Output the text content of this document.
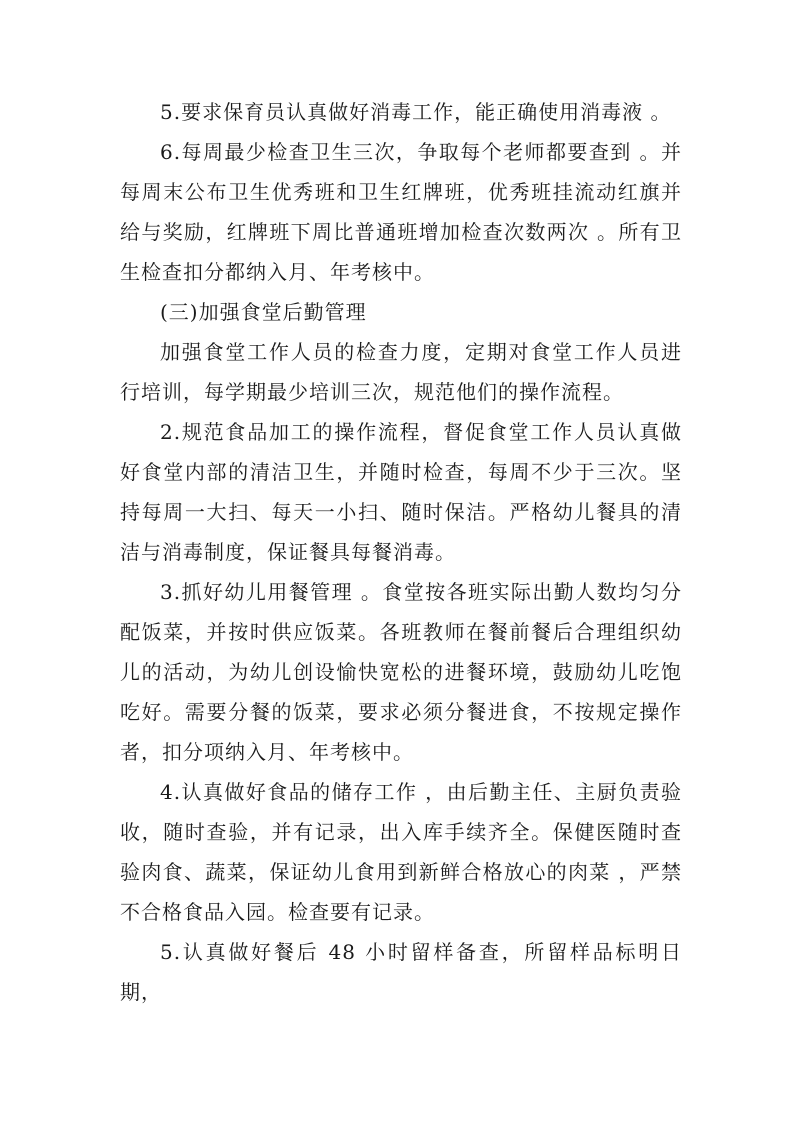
5.要求保育员认真做好消毒工作，能正确使用消毒液 。

6.每周最少检查卫生三次，争取每个老师都要查到 。并每周末公布卫生优秀班和卫生红牌班，优秀班挂流动红旗并给与奖励，红牌班下周比普通班增加检查次数两次 。所有卫生检查扣分都纳入月、年考核中。

(三)加强食堂后勤管理

加强食堂工作人员的检查力度，定期对食堂工作人员进行培训，每学期最少培训三次，规范他们的操作流程。

2.规范食品加工的操作流程，督促食堂工作人员认真做好食堂内部的清洁卫生，并随时检查，每周不少于三次。坚持每周一大扫、每天一小扫、随时保洁。严格幼儿餐具的清洁与消毒制度，保证餐具每餐消毒。

3.抓好幼儿用餐管理 。食堂按各班实际出勤人数均匀分配饭菜，并按时供应饭菜。各班教师在餐前餐后合理组织幼儿的活动，为幼儿创设愉快宽松的进餐环境，鼓励幼儿吃饱吃好。需要分餐的饭菜，要求必须分餐进食，不按规定操作者，扣分项纳入月、年考核中。

4.认真做好食品的储存工作 ，由后勤主任、主厨负责验收，随时查验，并有记录，出入库手续齐全。保健医随时查验肉食、蔬菜，保证幼儿食用到新鲜合格放心的肉菜 ，严禁不合格食品入园。检查要有记录。

5.认真做好餐后 48 小时留样备查，所留样品标明日期，
